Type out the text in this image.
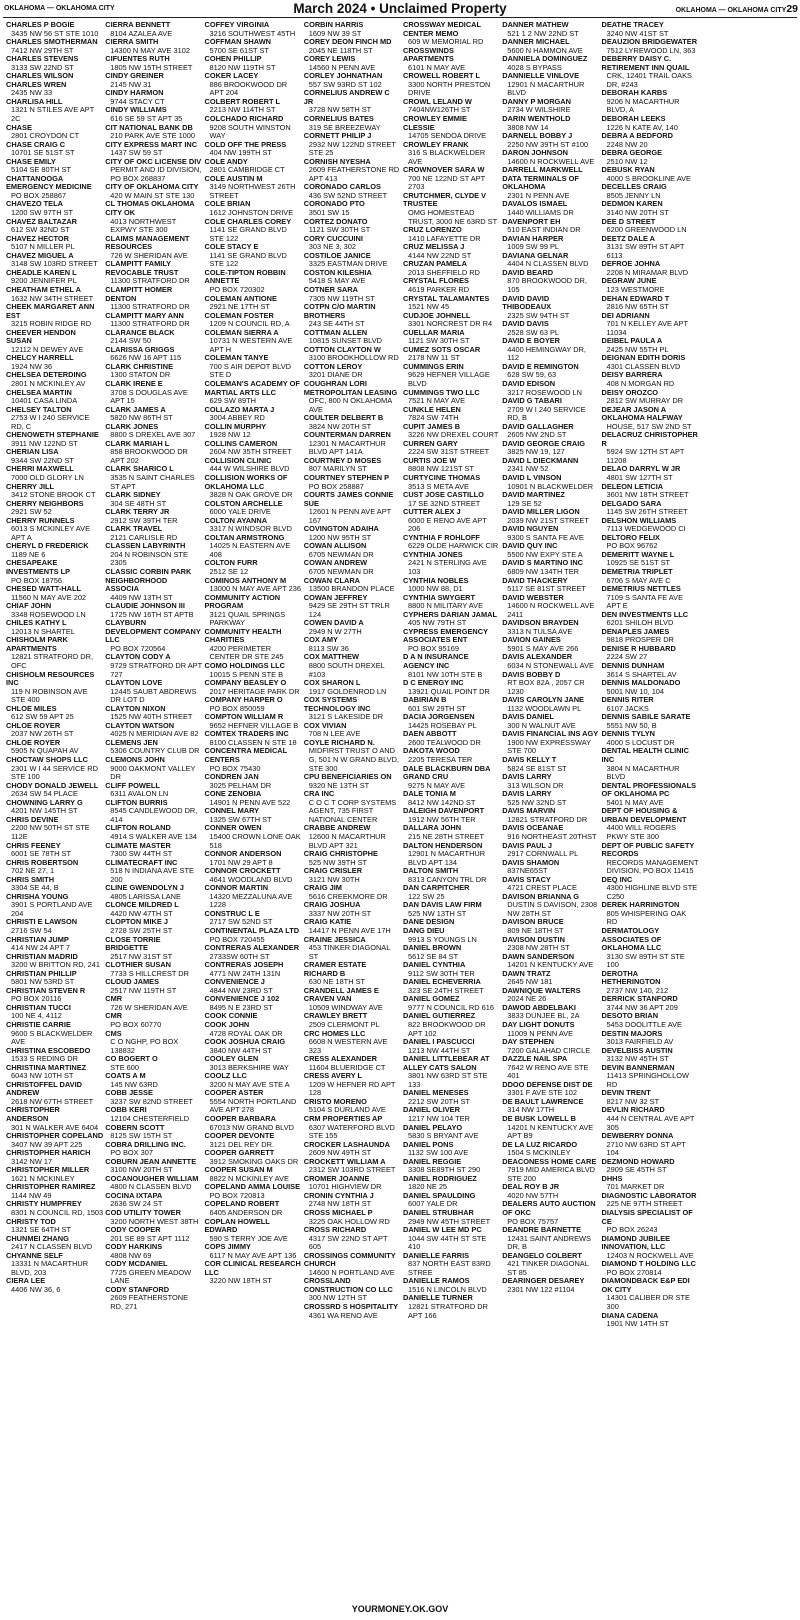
OKLAHOMA — OKLAHOMA CITY	March 2024 • Unclaimed Property	OKLAHOMA — OKLAHOMA CITY29
CHARLES P BOGIE
3435 NW 56 ST STE 1010
CHARLES SMOTHERMAN
7412 NW 29TH ST
CHARLES STEVENS
3133 SW 22ND ST
CHARLES WILSON
CHARLES WREN
2435 NW 33
CHARLISA HILL
1321 N STILES AVE APT 2C
CHASE
2801 CROYDON CT
CHASE CRAIG C
10701 SE 51ST ST
CHASE EMILY
5104 SE 80TH ST
CHATTANOOGA EMERGENCY MEDICINE
PO BOX 258867
CHAVEZO TELA
1200 SW 97TH ST
CHAVEZ BALTAZAR
612 SW 32ND ST
CHAVEZ HECTOR
5107 N MILLER PL
CHAVEZ MIGUEL A
3148 SW 103RD STREET
CHEADLE KAREN L
9200 JENNIFER PL
CHEATHAM ETHEL A
1632 NW 34TH STREET
CHEEK MARGARET ANN EST
3215 ROBIN RIDGE RD
CHEEVER HENDON SUSAN
12112 N DEWEY AVE
CHELCY HARRELL
1924 NW 36
CHELSEA DETERDING
2801 N MCKINLEY AV
CHELSEA MARTIN
10401 CASA LINDA
CHELSEY TALTON
2753 W I 240 SERVICE RD, C
CHENOWETH STEPHANIE
3911 NW 122ND ST
CHERIAN LISA
9344 SW 22ND ST
CHERRI MAXWELL
7000 OLD GLORY LN
CHERRY JILL
3412 STONE BROOK CT
CHERRY NEIGHBORS
2921 SW 52
CHERRY RUNNELS
6013 S MCKINLEY AVE APT A
CHERYL D FREDERICK
1189 NE 6
CHESAPEAKE INVESTMENTS LP
PO BOX 18756
CHESED WATT-HALL
11560 N MAY AVE 202
CHIAF JOHN
3348 ROSEWOOD LN
CHILES KATHY L
12013 N SHARTEL
CHISHOLM PARK APARTMENTS
12821 STRATFORD DR, OFC
CHISHOLM RESOURCES INC
119 N ROBINSON AVE STE 400
CHLOE MILES
612 SW 59 APT 25
CHLOE ROYER
2037 NW 26TH ST
CHLOE ROYER
5905 N QUAPAH AV
CHOCTAW SHOPS LLC
2301 W I 44 SERVICE RD STE 100
CHODY DONALD JEWELL
2634 SW 54 PLACE
CHOWNING LARRY G
4201 NW 145TH ST
CHRIS DEVINE
2200 NW 50TH ST STE 112E
CHRIS FEENEY
6001 SE 78TH ST
CHRIS ROBERTSON
702 NE 27, 1
CHRIS SMITH
3304 SE 44, B
CHRISHA YOUNG
3901 S PORTLAND AVE 204
CHRISTI E LAWSON
2716 SW 54
CHRISTIAN JUMP
414 NW 24 APT 7
CHRISTIAN MADRID
3200 W BRITTON RD, 241
CHRISTIAN PHILLIP
5801 NW 53RD ST
CHRISTIAN STEVEN R
PO BOX 20116
CHRISTIAN TUCCI
100 NE 4, 4112
CHRISTIE CARRIE
9600 S BLACKWELDER AVE
CHRISTINA ESCOBEDO
1533 S REDING DR
CHRISTINA MARTINEZ
6043 NW 10TH ST
CHRISTOFFEL DAVID ANDREW
2618 NW 67TH STREET
CHRISTOPHER ANDERSON
301 N WALKER AVE 6404
CHRISTOPHER COPELAND
3407 NW 39 APT 225
CHRISTOPHER HARICH
3142 NW 17
CHRISTOPHER MILLER
1621 N MCKINLEY
CHRISTOPHER RAMIREZ
1144 NW 49
CHRISTY HUMPFREY
8301 N COUNCIL RD, 1503
CHRISTY TOD
1321 SE 64TH ST
CHUNMEI ZHANG
2417 N CLASSEN BLVD
CHYANNE SELF
13331 N MACARTHUR BLVD, 203
CIERA LEE
4406 NW 36, 6
CIERRA BENNETT
8104 AZALEA AVE
CIERRA SMITH
14300 N MAY AVE 3102
CIFUENTES RUTH
1805 NW 15TH STREET
CINDY GREINER
2145 NW 31
CINDY HARMON
9744 STACY CT
CINDY WILLIAMS
616 SE 59 ST APT 35
CIT NATIONAL BANK DB
210 PARK AVE STE 1000
CITY EXPRESS MART INC
1437 SW 59 ST
CITY OF OKC LICENSE DIV
PERMIT AND ID DIVISION, PO BOX 268837
CITY OF OKLAHOMA CITY
420 W MAIN ST STE 130
CL THOMAS OKLAHOMA CITY OK
4013 NORTHWEST EXPWY STE 300
CLAIMS MANAGEMENT RESOURCES
726 W SHERIDAN AVE
CLAMPITT FAMILY REVOCABLE TRUST
11300 STRATFORD DR
CLAMPITT HOMER DENTON
11300 STRATFORD DR
CLAMPITT MARY ANN
11300 STRATFORD DR
CLARANCE BLACK
2144 SW 50
CLARISSA GRIGGS
6626 NW 16 APT 115
CLARK CHRISTINE
1300 STATON DR
CLARK IRENE E
3708 S DOUGLAS AVE APT 15
CLARK JAMES A
5820 NW 86TH ST
CLARK JONES
8800 S DREXEL AVE 307
CLARK MARIAH L
858 BROOKWOOD DR APT 202
CLARK SHARICO L
3535 N SAINT CHARLES ST APT
CLARK SIDNEY
304 SE 48TH ST
CLARK TERRY JR
2912 SW 39TH TER
CLARK TRAVEL
2121 CARLISLE RD
CLASSEN LABYRINTH
204 N ROBINSON STE 2305
CLASSIC CORBIN PARK NEIGHBORHOOD ASSOCIA
4409 NW 13TH ST
CLAUDIE JOHNSON III
1725 NW 16TH ST APTB
CLAYBURN DEVELOPMENT COMPANY LLC
PO BOX 720564
CLAYTON CODY A
9729 STRATFORD DR APT 727
CLAYTON LOVE
12445 SAUBT ABDREWS DR LOT D
CLAYTON NIXON
1525 NW 40TH STREET
CLAYTON WATSON
4025 N MERIDIAN AVE 82
CLEMENS JEN
5306 COUNTRY CLUB DR
CLEMONS JOHN
9000 OAKMONT VALLEY DR
CLIFF POWELL
6311 AVALON LN
CLIFTON BURRIS
8545 CANDLEWOOD DR, 414
CLIFTON ROLAND
4914 S WALKER AVE 134
CLIMATE MASTER
7300 SW 44TH ST
CLIMATECRAFT INC
518 N INDIANA AVE STE 200
CLINE GWENDOLYN J
4805 LARISSA LANE
CLONCE MILDRED L
4420 NW 47TH ST
CLOPTON MIKE J
2728 SW 25TH ST
CLOSE TORRIE BRIDGETTE
2517 NW 31ST ST
CLOTHIER SUSAN
7733 S HILLCREST DR
CLOUD JAMES
2517 NW 119TH ST
CMR
726 W SHERIDAN AVE
CMR
PO BOX 60770
CMS
C O NGHP, PO BOX 138832
CO BOGERT O
STE 600
COATS A M
145 NW 63RD
COBB JESSE
3237 SW 82ND STREET
COBB KERI
12104 CHESTERFIELD
COBERN SCOTT
8125 SW 15TH ST
COBRA DRILLING INC.
PO BOX 307
COBURN JEAN ANNETTE
3100 NW 20TH ST
COCANOUGHER WILLIAM
4800 N CLASSEN BLVD
COCINA IXTAPA
2636 SW 24 ST
COD UTILITY TOWER
3200 NORTH WEST 38TH
CODY COOPER
201 SE 89 ST APT 1112
CODY HARKINS
4808 NW 69
CODY MCDANIEL
7725 GREEN MEADOW LANE
CODY STANFORD
2609 FEATHERSTONE RD, 271
COFFEY VIRGINIA
3216 SOUTHWEST 45TH
COFFMAN SHAWN
5700 SE 61ST ST
COHEN PHILLIP
8120 NW 119TH ST
COKER LACEY
886 BROOKWOOD DR APT 204
COLBERT ROBERT L
2213 NW 114TH ST
COLCHADO RICHARD
9208 SOUTH WINSTON WAY
COLD OFF THE PRESS
404 NW 199TH ST
COLE ANDY
2801 CAMBRIDGE CT
COLE AUSTIN M
3149 NORTHWEST 26TH STREET
COLE BRIAN
1612 JOHNSTON DRIVE
COLE CHARLES COREY
1141 SE GRAND BLVD STE 122
COLE STACY E
1141 SE GRAND BLVD STE 122
COLE-TIPTON ROBBIN ANNETTE
PO BOX 720302
COLEMAN ANTIONE
2921 NE 17TH ST
COLEMAN FOSTER
1209 N COUNCIL RD, A
COLEMAN SIERRA A
10731 N WESTERN AVE APT H
COLEMAN TANYE
700 S AIR DEPOT BLVD STE D
COLEMAN'S ACADEMY OF MARTIAL ARTS LLC
629 SW 89TH
COLLAZO MARTA J
3004 ABBEY RD
COLLIN MURPHY
1928 NW 12
COLLINS CAMERON
2604 NW 35TH STREET
COLLISION CLINIC
444 W WILSHIRE BLVD
COLLISION WORKS OF OKLAHOMA LLC
3828 N OAK GROVE DR
COLSTON ARCHELLE
6000 YALE DRIVE
COLTON AYANNA
3317 N WINDSOR BLVD
COLTAN ARMSTRONG
14025 N EASTERN AVE 408
COLTON FURR
2512 SE 12
COMINOS ANTHONY M
13000 N MAY AVE APT 236
COMMUNITY ACTION PROGRAM
3121 QUAIL SPRINGS PARKWAY
COMMUNITY HEALTH CHARITIES
4200 PERIMETER CENTER DR STE 245
COMO HOLDINGS LLC
10015 S PENN STE B
COMPANY BEASLEY O
2017 HERITAGE PARK DR
COMPANY HARPER O
PO BOX 850059
COMPTON WILLIAM R
9652 HEFNER VILLAGE B
COMTEX TRADERS INC
8100 CLASSEN N STE 18
CONCENTRA MEDICAL CENTERS
PO BOX 75430
CONDREN JAN
3025 PELHAM DR
CONE ZENOBIA
14901 N PENN AVE 522
CONNEL MARY
1325 SW 67TH ST
CONNER OWEN
15400 CROWN LONE OAK 518
CONNOR ANDERSON
1701 NW 29 APT 8
CONNOR CROCKETT
4641 WOODLAND BLVD
CONNOR MARTIN
14320 MEZZALUNA AVE 1228
CONSTRUC L E
2717 SW 52ND ST
CONTINENTAL PLAZA LTD
PO BOX 720455
CONTRERAS ALEXANDER
2733SW 60TH ST
CONTRERAS JOSEPH
4771 NW 24TH 131N
CONVENIENCE J
4844 NW 23RD ST
CONVENIENCE J 102
8495 N E 23RD ST
COOK CONNIE
COOK JOHN
4728 ROYAL OAK DR
COOK JOSHUA CRAIG
3840 NW 44TH ST
COOLEY GLEN
3013 BERKSHIRE WAY
COOLZ LLC
3200 N MAY AVE STE A
COOPER ASTER
5554 NORTH PORTLAND AVE APT 278
COOPER BARBARA
67013 NW GRAND BLVD
COOPER DEVONTE
3121 DEL REY DR.
COOPER GARRETT
3912 SMOKING OAKS DR
COOPER SUSAN M
8822 N MCKINLEY AVE
COPELAND AMMA LOUISE
PO BOX 720813
COPELAND ROBERT
6405 ANDERSON DR
COPLAN HOWELL EDWARD
590 S TERRY JOE AVE
COPS JIMMY
6117 N MAY AVE APT 136
COR CLINICAL RESEARCH LLC
3220 NW 18TH ST
CORBIN HARRIS
1609 NW 39 ST
COREY DEON FINCH MD
2045 NE 118TH ST
COREY LEWIS
14560 N PENN AVE
CORLEY JOHNATHAN
557 SW 93RD ST 102
CORNELIUS ANDREW C JR
3728 NW 58TH ST
CORNELIUS BATES
319 SE BREEZEWAY
CORNETT PHILIP J
2932 NW 122ND STREET STE 25
CORNISH NYESHA
2609 FEATHERSTONE RD APT 413
CORONADO CARLOS
436 SW 52ND STREET
CORONADO PTO
3501 SW 15
CORTEZ DONATO
1121 SW 30TH ST
CORY CUCCUINI
303 NE 3, 302
COSTILOE JANICE
3325 EASTMAN DRIVE
COSTON KILESHIA
5418 S MAY AVE
COTNER SARA
7305 NW 119TH ST
COTPN C/O MARTIN BROTHERS
243 SE 44TH ST
COTTMAN ALLEN
10815 SUNSET BLVD
COTTON CLAYTON W
3100 BROOKHOLLOW RD
COTTON LEROY
3201 DIANE DR
COUGHRAN LORI METROPOLITAN LEASING
OFC, 800 N OKLAHOMA AVE
COULTER DELBERT B
3824 NW 20TH ST
COUNTERMAN DARREN
12301 N MACARTHUR BLVD APT 141A
COURTNEY D MOSES
807 MARILYN ST
COURTNEY STEPHEN P
PO BOX 258887
COURTS JAMES CONNIE SUE
12601 N PENN AVE APT 167
COVINGTON ADAIHA
1200 NW 95TH ST
COWAN ALLISON
6705 NEWMAN DR
COWAN ANDREW
6705 NEWMAN DR
COWAN CLARA
13500 BRANDON PLACE
COWAN JEFFREY
9429 SE 29TH ST TRLR 124
COWEN DAVID A
2949 N W 27TH
COX AMY
8113 SW 36
COX MATTHEW
8800 SOUTH DREXEL #103
COX SHARON L
1917 GOLDENROD LN
COX SYSTEMS TECHNOLOGY INC
3121 S LAKESIDE DR
COX VIVIAN
708 N LEE AVE
COYLE RICHARD N.
MIDFIRST TRUST O AND G, 501 N W GRAND BLVD, STE 300
CPU BENEFICIARIES ON
9320 NE 13TH ST
CRA INC
C O C T CORP SYSTEMS AGENT, 735 FIRST NATIONAL CENTER
CRABBE ANDREW
12600 N MACARTHUR BLVD APT 321
CRAIG CHRISTOPHE
525 NW 39TH ST
CRAIG CRISLER
3121 NW 30TH
CRAIG JIM
5616 CREEKMORE DR
CRAIG JOSHUA
3337 NW 20TH ST
CRAIG KATIE
14417 N PENN AVE 17H
CRAINE JESSICA
453 TINKER DIAGONAL ST
CRAMER ESTATE RICHARD B
630 NE 18TH ST
CRANDELL JAMES E
CRAVEN VAN
10509 WINDWAY AVE
CRAWLEY BRETT
2509 CLERMONT PL
CRC HOMES LLC
6608 N WESTERN AVE 323
CRESS ALEXANDER
11604 BLUERIDGE CT
CRESS AVERY L
1209 W HEFNER RD APT 128
CRISTO MORENO
5104 S DURLAND AVE
CRM PROPERTIES AP
6307 WATERFORD BLVD STE 155
CROCKER LASHAUNDA
2609 NW 49TH ST
CROCKETT WILLIAM A
2312 SW 103RD STREET
CROMER JOANNE
10701 HIGHVIEW DR
CRONIN CYNTHIA J
2748 NW 18TH ST
CROSS MICHAEL P
3225 OAK HOLLOW RD
CROSS RICHARD
4317 SW 22ND ST APT 605
CROSSINGS COMMUNITY CHURCH
14600 N PORTLAND AVE
CROSSLAND CONSTRUCTION CO LLC
300 NW 12TH ST
CROSSRD S HOSPITALITY
4361 WA RENO AVE
CROSSWAY MEDICAL CENTER MEMO
609 W MEMORIAL RD
CROSSWINDS APARTMENTS
6101 N MAY AVE
CROWELL ROBERT L
3300 NORTH PRESTON DRIVE
CROWL LELAND W
7404NW126TH ST
CROWLEY EMMIE CLESSIE
14705 SENDOA DRIVE
CROWLEY FRANK
316 S BLACKWELDER AVE
CROWNOVER SARA W
700 NE 122ND ST APT 2703
CRUTCHMER, CLYDE V TRUSTEE
OMG HOMESTEAD TRUST, 3000 NE 63RD ST
CRUZ LORENZO
1410 LAFAYETTE DR
CRUZ MELISSA J
4144 NW 22ND ST
CRUZAN PAMELA
2013 SHEFFIELD RD
CRYSTAL FLORES
4619 PARKER RD
CRYSTAL TALAMANTES
1521 NW 45
CUDJOE JOHNELL
3301 NORCREST DR R4
CUELLAR MARIA
1121 SW 30TH ST
CUMEZ SOTS OSCAR
2178 NW 11 ST
CUMMINGS ERIN
9629 HEFNER VILLAGE BLVD
CUMMINGS TWO LLC
7521 N MAY AVE
CUNKLE HELEN
7824 SW 74TH
CUPIT JAMES B
3226 NW DREXEL COURT
CURREN GARY
2224 SW 31ST STREET
CURTIS JOE W
8808 NW 121ST ST
CURTYCINE THOMAS
3513 S META AVE
CUST JOSE CASTILLO
17 SE 32ND STREET
CUTTER ALEX J
6000 E RENO AVE APT 206
CYNTHIA F ROHLOFF
6229 OLDE HARWICK CIR
CYNTHIA JONES
2421 N STERLING AVE 103
CYNTHIA NOBLES
1000 NW 88, D1
CYNTHIA SWYGERT
8800 N MILITARY AVE
CYPHERS DARIAN JAMAL
405 NW 79TH ST
CYPRESS EMERGENCY ASSOCIATES ENT
PO BOX 95169
D A N INSURANCE AGENCY INC
8101 NW 10TH STE B
D C ENERGY INC
13921 QUAIL POINT DR
DABIRIAN B
601 SW 29TH ST
DACIA JORGENSEN
14425 ROSEBAY PL
DAEN ABBOTT
2600 TEALWOOD DR
DAKOTA WOOD
2205 TERESA TER
DALE BLACKBURN DBA GRAND CRU
9275 N MAY AVE
DALE TONIA M
8412 NW 142ND ST
DALEIGH DAVENPORT
1912 NW 56TH TER
DALLARA JOHN
215 NE 28TH STREET
DALTON HENDERSON
12901 N MACARTHUR BLVD APT 134
DALTON SMITH
8313 CANYON TRL DR
DAN CARPITCHER
122 SW 25
DAN DAVIS LAW FIRM
525 NW 13TH ST
DANE DESIGN
DANG DIEU
9913 S YOUNGS LN
DANIEL BROWN
5612 SE 84 ST
DANIEL CYNTHIA
9112 SW 30TH TER
DANIEL ECHEVERRIA
323 SE 24TH STREET
DANIEL GOMEZ
9777 N COUNCIL RD 616
DANIEL GUTIERREZ
822 BROOKWOOD DR APT 102
DANIEL I PASCUCCI
1213 NW 44TH ST
DANIEL LITTLEBEAR AT ALLEY CATS SALON
3801 NW 63RD ST STE 133
DANIEL MENESES
2212 SW 20TH ST
DANIEL OLIVER
1217 NW 104 TER
DANIEL PELAYO
5830 S BRYANT AVE
DANIEL PONS
1132 SW 100 AVE
DANIEL REGGIE
3308 SE89TH ST 290
DANIEL RODRIGUEZ
1820 NE 25
DANIEL SPAULDING
6007 YALE DR
DANIEL STRUBHAR
2949 NW 45TH STREET
DANIEL W LEE MD PC
1044 SW 44TH ST STE 410
DANIELLE FARRIS
837 NORTH EAST 83RD STREE
DANIELLE RAMOS
1516 N LINCOLN BLVD
DANIELLE TURNER
12821 STRATFORD DR APT 166
DANNER MATHEW
521 1 2 NW 22ND ST
DANNER MICHAEL
5600 N HAMMON AVE
DANNIELA DOMINGUEZ
4028 S BYPASS
DANNIELLE VINLOVE
12901 N MACARTHUR BLVD
DANNY P MORGAN
2734 W WILSHIRE
DARIN WENTHOLD
3808 NW 14
DARNELL BOBBY J
2250 NW 39TH ST #100
DARON JOHNSON
14600 N ROCKWELL AVE
DARRELL MARKWELL
DATA TERMINALS OF OKLAHOMA
2301 N PENN AVE
DAVALOS ISMAEL
1440 WILLIAMS DR
DAVENPORT EH
510 EAST INDIAN DR
DAVIAN HARPER
1009 SW 99 PL
DAVIANA GELNAR
4404 N CLASSEN BLVD
DAVID BEARD
870 BROOKWOOD DR, 105
DAVID DAVID THIBODEAUX
2325 SW 94TH ST
DAVID DAVIS
2528 SW 63 PL
DAVID E BOYER
4400 HEMINGWAY DR, 112
DAVID E REMINGTON
628 SW 59, 63
DAVID EDISON
3217 ROSEWOOD LN
DAVID G TABARI
2709 W I 240 SERVICE RD, B
DAVID GALLAGHER
2605 NW 2ND ST
DAVID GEORGE CRAIG
3825 NW 19, 127
DAVID L DIECKMANN
2341 NW 52
DAVID L VINSON
10901 N BLACKWELDER
DAVID MARTINEZ
129 SE 52
DAVID MILLER LIGON
2039 NW 21ST STREET
DAVID NGUYEN
9300 S SANTA FE AVE
DAVID QUY INC
5500 NW EXPY STE A
DAVID S MARTINO INC
6809 NW 134TH TER
DAVID THACKERY
5117 SE 81ST STREET
DAVID WEBSTER
14600 N ROCKWELL AVE 2411
DAVIDSON BRAYDEN
3313 N TULSA AVE
DAVION GAINES
5901 S MAY AVE 266
DAVIS ALEXANDER
6034 N STONEWALL AVE
DAVIS BOBBY D
RT BOX 82A , 2057 CR 1230
DAVIS CAROLYN JANE
1132 WOODLAWN PL
DAVIS DANIEL
300 N WALNUT AVE
DAVIS FINANCIAL INS AGY
1900 NW EXPRESSWAY STE 700
DAVIS KELLY T
5824 SE 81ST ST
DAVIS LARRY
313 WILSON DR
DAVIS LARRY
525 NW 32ND ST
DAVIS MARVIN
12821 STRATFORD DR
DAVIS OCEANAE
916 NORTHEAST 20THST
DAVIS PAUL J
2917 CORNWALL PL
DAVIS SHAMON
837NE65ST
DAVIS STACY
4721 CREST PLACE
DAVISON BRIANNA G
DUSTIN S DAVISON, 2308 NW 28TH ST
DAVISON BRUCE
809 NE 18TH ST
DAVISON DUSTIN
2308 NW 28TH ST
DAWN SANDERSON
14201 N KENTUCKY AVE
DAWN TRATZ
2645 NW 181
DAWNIQUE WALTERS
2024 NE 26
DAWOD ABDELBAKI
3833 DUNJEE BL, 2A
DAY LIGHT DONUTS
11009 N PENN AVE
DAY STEPHEN
7200 GALAHAD CIRCLE
DAZZLE NAIL SPA
7642 W RENO AVE STE 401
DDOO DEFENSE DIST DE
3301 F AVE STE 102
DE BAULT LAWRENCE
314 NW 17TH
DE BUSK LOWELL B
14201 N KENTUCKY AVE APT B9
DE LA LUZ RICARDO
1504 S MCKINLEY
DEACONESS HOME CARE
7919 MID AMERICA BLVD STE 200
DEAL ROY B JR
4020 NW 57TH
DEALERS AUTO AUCTION OF OKC
PO BOX 75757
DEANDRE BARNETTE
12431 SAINT ANDREWS DR, B
DEANGELO COLBERT
421 TINKER DIAGONAL ST 85
DEARINGER DESAREY
2301 NW 122 #1104
DEATHE TRACEY
3240 NW 41ST ST
DEAUZION BRIDGEWATER
7512 LYREWOOD LN, 363
DEBERRY DAISY C. RETIREMENT INN QUAIL
CRK, 12401 TRAIL OAKS DR, #243
DEBORAH KARBS
9206 N MACARTHUR BLVD, A
DEBORAH LEEKS
1226 N KATE AV, 140
DEBRA A BEDFORD
2248 NW 20
DEBRA GEORGE
2510 NW 12
DEBUSK RYAN
4000 S BROOKLINE AVE
DECELLES CRAIG
8505 JENNY LN
DEDMON KAREN
3140 NW 20TH ST
DEE D STREET
6200 GREENWOOD LN
DEETZ DALE A
3131 SW 89TH ST APT 6113
DEFROE JOHNA
2208 N MIRAMAR BLVD
DEGRAW JUNE
123 WESTMORE
DEHAN EDWARD T
2816 NW 65TH ST
DEI ADRIANN
701 N KELLEY AVE APT 11034
DEIBEL PAULA A
2425 NW 55TH PL
DEIGNAN EDITH DORIS
4301 CLASSEN BLVD
DEISY BARRERA
408 N MORGAN RD
DEISY OROZCO
2812 SW MURRAY DR
DEJEAR JASON A OKLAHOMA HALFWAY
HOUSE, 517 SW 2ND ST
DELACRUZ CHRISTOPHER R
5924 SW 12TH ST APT 11208
DELAO DARRYL W JR
4801 SW 127TH ST
DELEON LETICIA
3601 NW 18TH STREET
DELGADO SARA
1145 SW 26TH STREET
DELSHON WILLIAMS
7113 WEDGEWOOD CI
DELTORO FELIX
PO BOX 96762
DEMERITT WAYNE L
10925 SE 51ST ST
DEMETRIA TRIPLET
6706 S MAY AVE C
DEMETRIUS NETTLES
7109 S SANTA FE AVE APT E
DEN INVESTMENTS LLC
6201 SHILOH BLVD
DENAPLES JAMES
9818 PROSPER DR
DENISE R HUBBARD
2224 SW 27
DENNIS DUNHAM
3614 S SHARTEL AV
DENNIS MALDONADO
5001 NW 10, 104
DENNIS RITER
6107 JACKS
DENNIS SABILE SARATE
5551 NW 50, B
DENNIS TYLYN
4000 S LOCUST DR
DENTAL HEALTH CLINIC INC
3804 N MACARTHUR BLVD
DENTAL PROFESSIONALS OF OKLAHOMA PC
5401 N MAY AVE
DEPT OF HOUSING & URBAN DEVELOPMENT
4400 WILL ROGERS PKWY STE 300
DEPT OF PUBLIC SAFETY RECORDS
RECORDS MANAGEMENT DIVISION, PO BOX 11415
DEQ INC
4300 HIGHLINE BLVD STE C250
DEREK HARRINGTON
805 WHISPERING OAK RD
DERMATOLOGY ASSOCIATES OF OKLAHOMA LLC
3130 SW 89TH ST STE 100
DEROTHA HETHERINGTON
2737 NW 140, 212
DERRICK STANFORD
3744 NW 36 APT 209
DESOTO BRIAN
5453 DOOLITTLE AVE
DESTIN MAJORS
3013 FAIRFIELD AV
DEVELBISS AUSTIN
3132 NW 45TH ST
DEVIN BANNERMAN
11413 SPRINGHOLLOW RD
DEVIN TRENT
8217 NW 32 ST
DEVLIN RICHARD
444 N CENTRAL AVE APT 305
DEWBERRY DONNA
2710 NW 63RD ST APT 104
DEZMOND HOWARD
2909 SE 45TH ST
DHHS
701 MARKET DR
DIAGNOSTIC LABORATOR
225 NE 97TH STREET
DIALYSIS SPECIALIST OF CE
PO BOX 26243
DIAMOND JUBILEE INNOVATION, LLC
12403 N ROCKWELL AVE
DIAMOND T HOLDING LLC
PO BOX 270814
DIAMONDBACK E&P EDI OK CITY
14301 CALIBER DR STE 300
DIANA CADENA
1901 NW 14TH ST
YOURMONEY.OK.GOV
